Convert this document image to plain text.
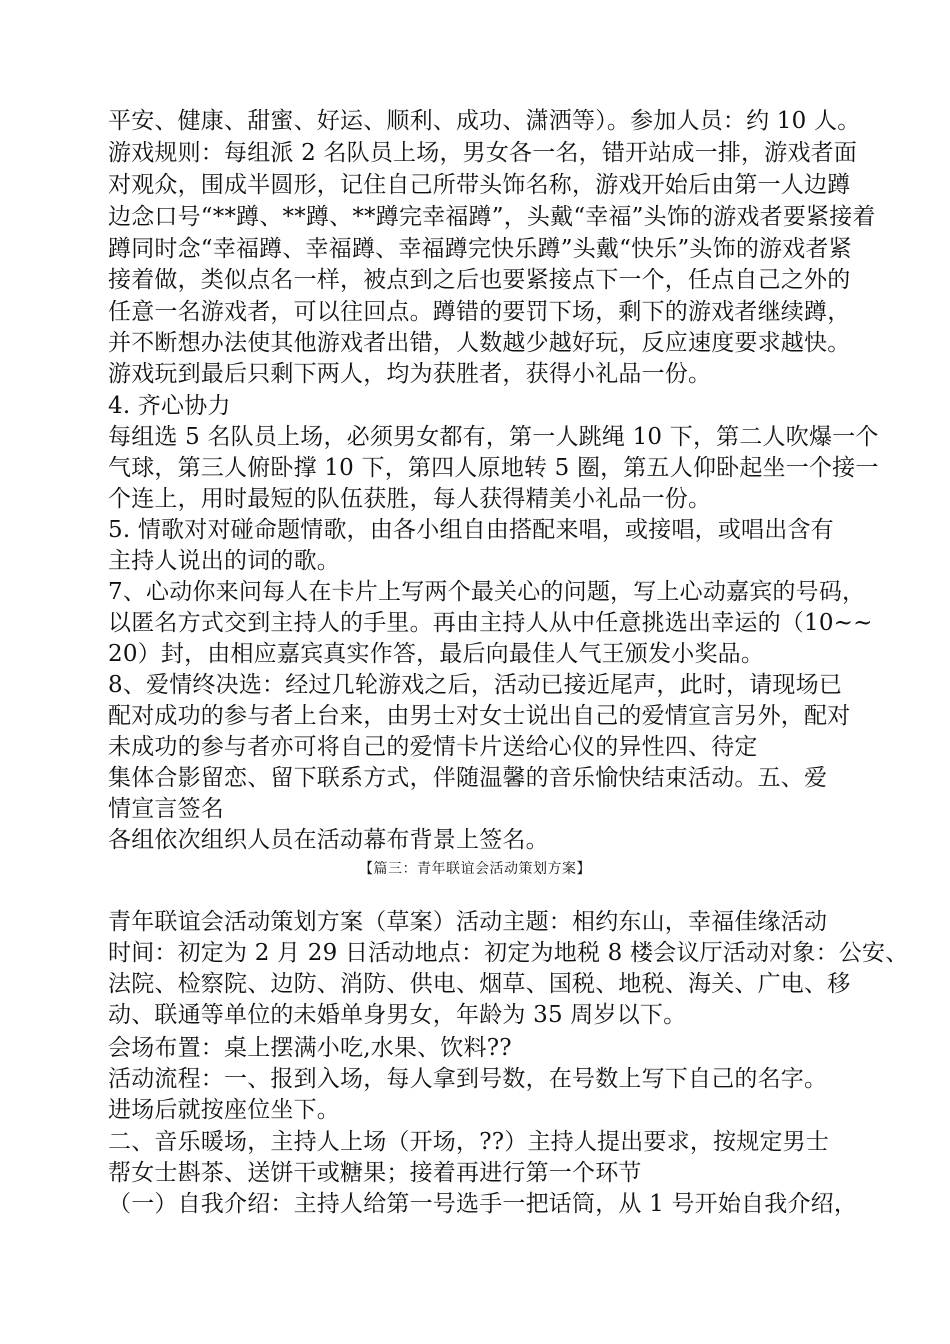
平安、健康、甜蜜、好运、顺利、成功、潇洒等）。参加人员：约 10 人。
游戏规则：每组派 2 名队员上场，男女各一名，错开站成一排，游戏者面
对观众，围成半圆形，记住自己所带头饰名称，游戏开始后由第一人边蹲
边念口号“**蹲、**蹲、**蹲完幸福蹲”，头戴“幸福”头饰的游戏者要紧接着
蹲同时念“幸福蹲、幸福蹲、幸福蹲完快乐蹲”头戴“快乐”头饰的游戏者紧
接着做，类似点名一样，被点到之后也要紧接点下一个，任点自己之外的
任意一名游戏者，可以往回点。蹲错的要罚下场，剩下的游戏者继续蹲，
并不断想办法使其他游戏者出错，人数越少越好玩，反应速度要求越快。
游戏玩到最后只剩下两人，均为获胜者，获得小礼品一份。
4. 齐心协力
每组选 5 名队员上场，必须男女都有，第一人跳绳 10 下，第二人吹爆一个
气球，第三人俯卧撑 10 下，第四人原地转 5 圈，第五人仰卧起坐一个接一
个连上，用时最短的队伍获胜，每人获得精美小礼品一份。
5. 情歌对对碰命题情歌，由各小组自由搭配来唱，或接唱，或唱出含有
主持人说出的词的歌。
7、心动你来问每人在卡片上写两个最关心的问题，写上心动嘉宾的号码，
以匿名方式交到主持人的手里。再由主持人从中任意挑选出幸运的（10~~
20）封，由相应嘉宾真实作答，最后向最佳人气王颁发小奖品。
8、爱情终决选：经过几轮游戏之后，活动已接近尾声，此时，请现场已
配对成功的参与者上台来，由男士对女士说出自己的爱情宣言另外，配对
未成功的参与者亦可将自己的爱情卡片送给心仪的异性四、待定
集体合影留恋、留下联系方式，伴随温馨的音乐愉快结束活动。五、爱
情宣言签名
各组依次组织人员在活动幕布背景上签名。
【篇三：青年联谊会活动策划方案】
青年联谊会活动策划方案（草案）活动主题：相约东山，幸福佳缘活动
时间：初定为 2 月 29 日活动地点：初定为地税 8 楼会议厅活动对象：公安、
法院、检察院、边防、消防、供电、烟草、国税、地税、海关、广电、移
动、联通等单位的未婚单身男女，年龄为 35 周岁以下。
会场布置：桌上摆满小吃,水果、饮料??
活动流程：一、报到入场，每人拿到号数，在号数上写下自己的名字。
进场后就按座位坐下。
二、音乐暖场，主持人上场（开场，??）主持人提出要求，按规定男士
帮女士斟茶、送饼干或糖果；接着再进行第一个环节
（一）自我介绍：主持人给第一号选手一把话筒，从 1 号开始自我介绍，
